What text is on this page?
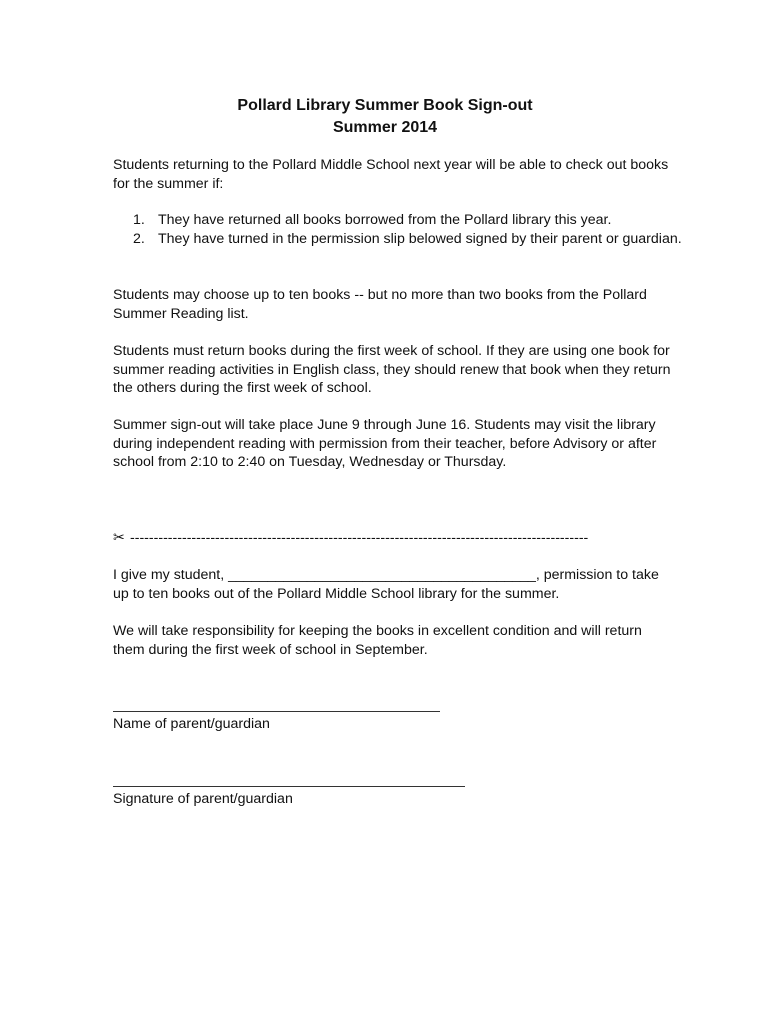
Pollard Library Summer Book Sign-out
Summer 2014

Students returning to the Pollard Middle School next year will be able to check out books for the summer if:

1. They have returned all books borrowed from the Pollard library this year.
2. They have turned in the permission slip belowed signed by their parent or guardian.

Students may choose up to ten books -- but no more than two books from the Pollard Summer Reading list.

Students must return books during the first week of school. If they are using one book for summer reading activities in English class, they should renew that book when they return the others during the first week of school.

Summer sign-out will take place June 9 through June 16. Students may visit the library during independent reading with permission from their teacher, before Advisory or after school from 2:10 to 2:40 on Tuesday, Wednesday or Thursday.

✂ -------------------------------------------------------------------------------------------------

I give my student, _______________________________________, permission to take up to ten books out of the Pollard Middle School library for the summer.

We will take responsibility for keeping the books in excellent condition and will return them during the first week of school in September.

Name of parent/guardian
Signature of parent/guardian
